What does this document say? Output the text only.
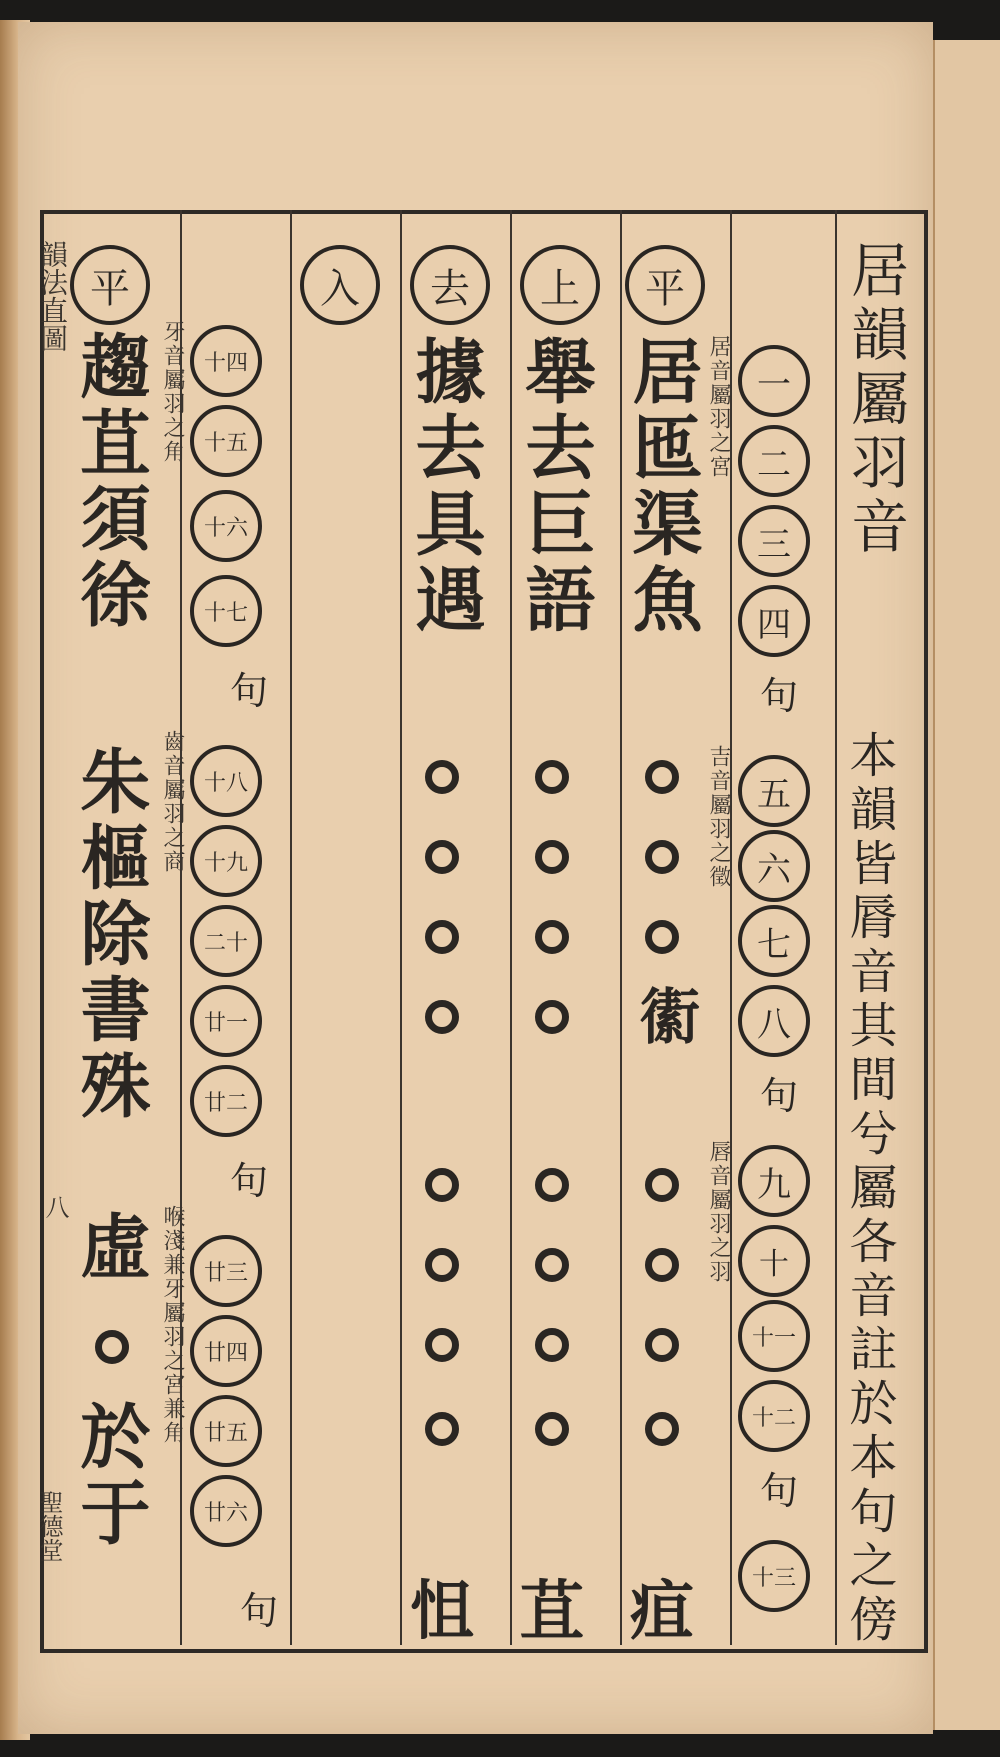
居韻屬羽音
本韻皆脣音其間兮屬各音註於本句之傍
一
二
三
四
句
五
六
七
八
句
九
十
十一
十二
句
十三
居音屬羽之宮
吉音屬羽之徵
唇音屬羽之羽
平
居匜渠魚
䘘
疽
上
舉去巨語
苴
去
據去具遇
怚
入
十四
十五
十六
十七
句
十八
十九
二十
廿一
廿二
句
廿三
廿四
廿五
廿六
句
牙音屬羽之角
齒音屬羽之商
喉淺兼牙屬羽之宮兼角
平
趨苴須徐
朱樞除書殊
虛
於于
韻法直圖
八
聖德堂
